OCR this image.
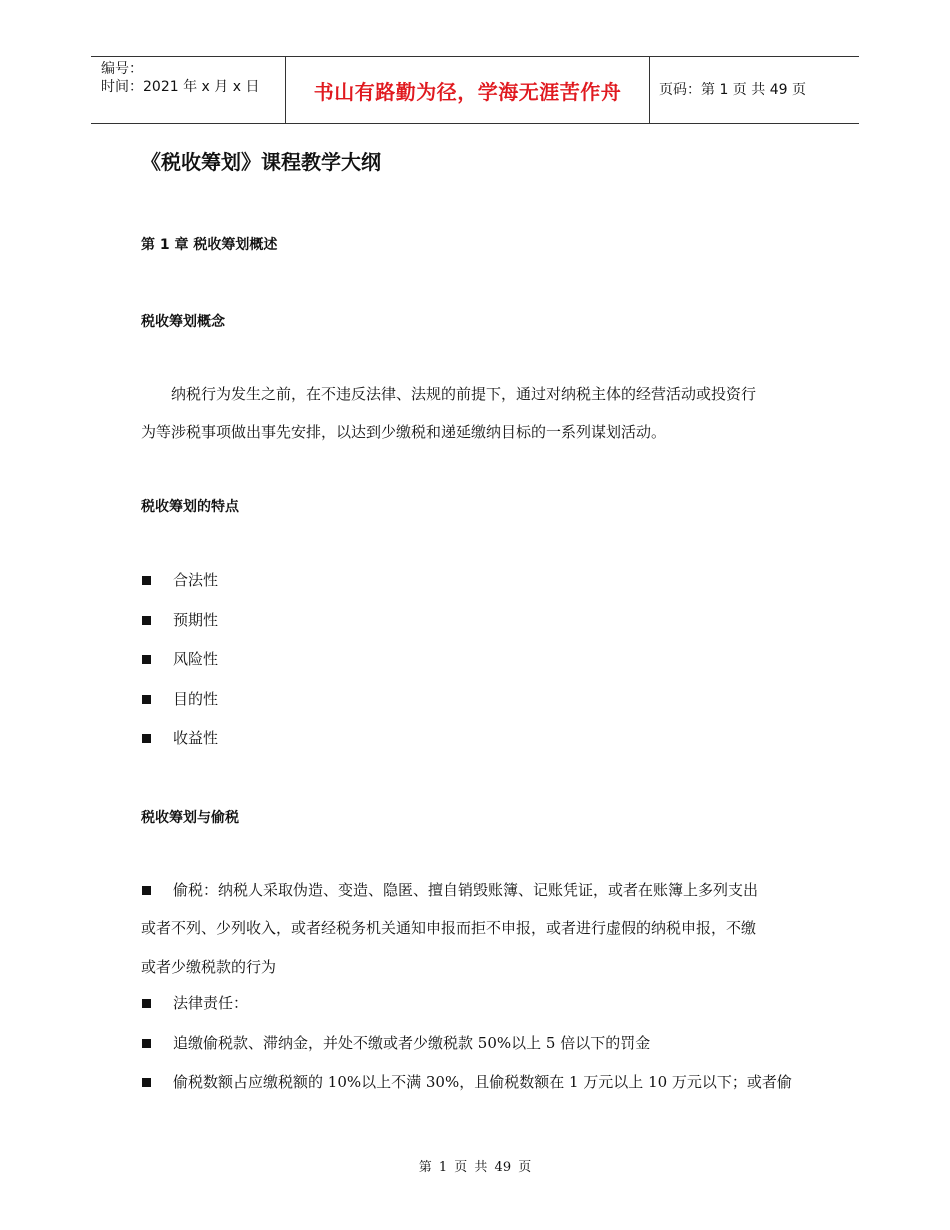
编号：
时间：2021 年 x 月 x 日	书山有路勤为径，学海无涯苦作舟	页码：第 1 页 共 49 页
《税收筹划》课程教学大纲
第 1 章 税收筹划概述
税收筹划概念
纳税行为发生之前，在不违反法律、法规的前提下，通过对纳税主体的经营活动或投资行
为等涉税事项做出事先安排，以达到少缴税和递延缴纳目标的一系列谋划活动。
税收筹划的特点
合法性
预期性
风险性
目的性
收益性
税收筹划与偷税
偷税：纳税人采取伪造、变造、隐匿、擅自销毁账簿、记账凭证，或者在账簿上多列支出
或者不列、少列收入，或者经税务机关通知申报而拒不申报，或者进行虚假的纳税申报，不缴
或者少缴税款的行为
法律责任：
追缴偷税款、滞纳金，并处不缴或者少缴税款 50%以上 5 倍以下的罚金
偷税数额占应缴税额的 10%以上不满 30%，且偷税数额在 1 万元以上 10 万元以下；或者偷
第 1 页 共 49 页
